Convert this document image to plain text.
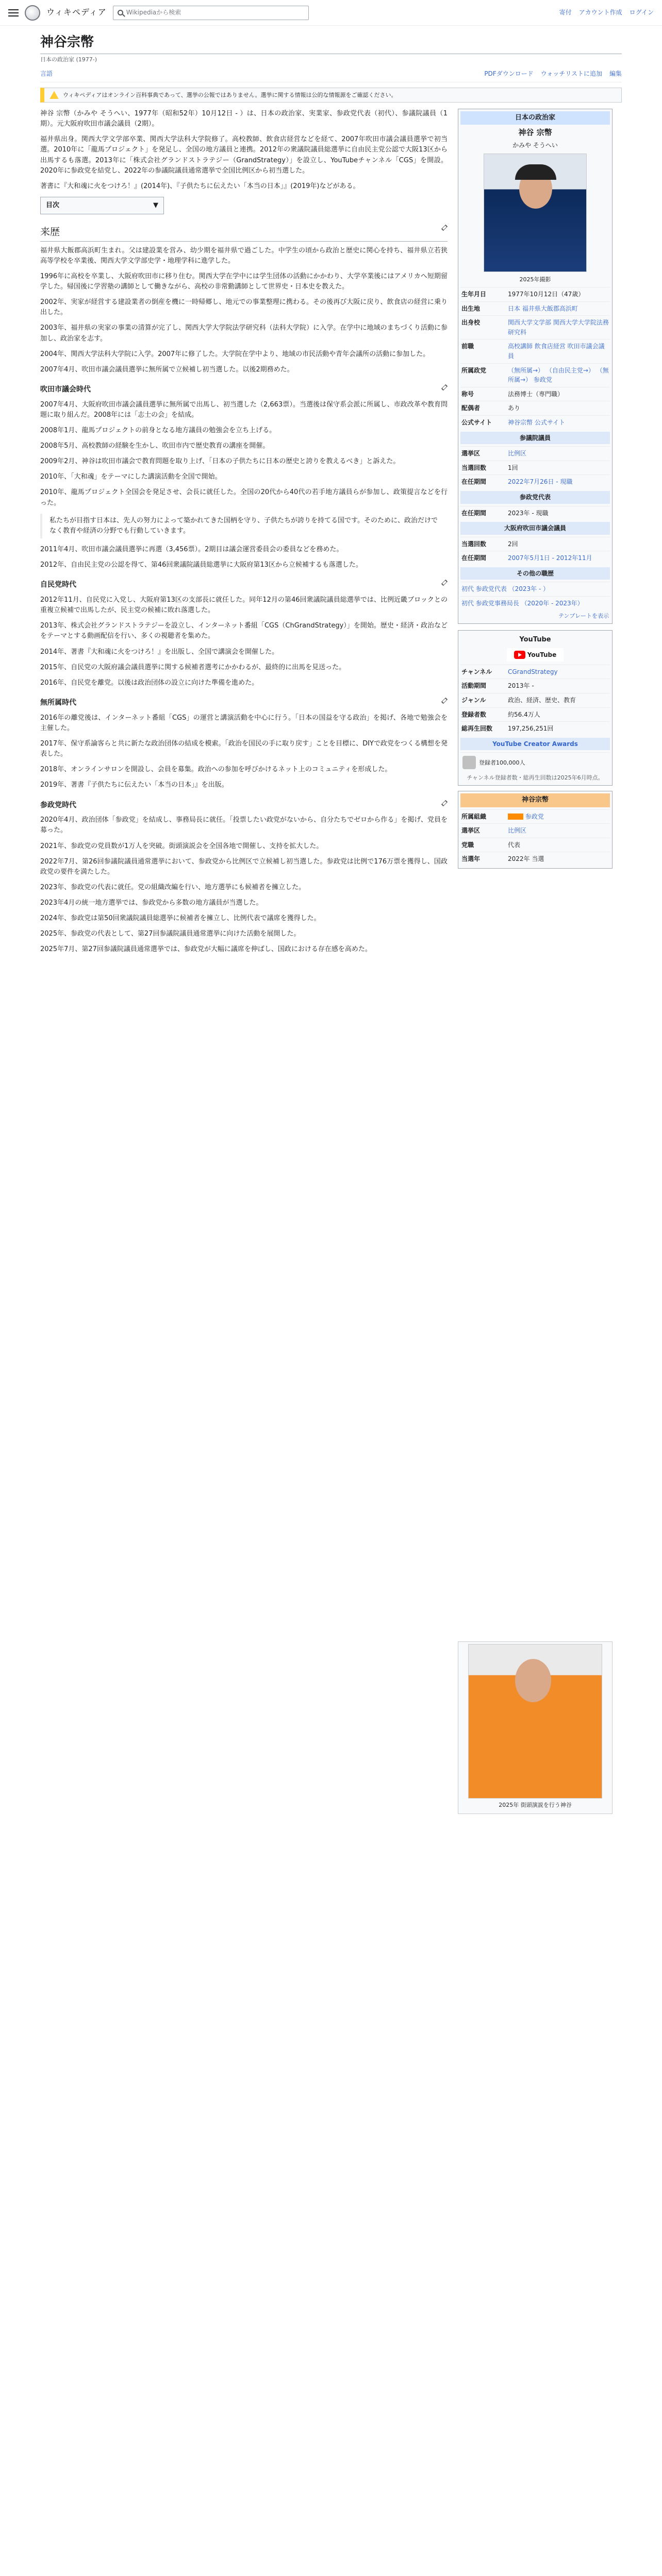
ウィキペディア	Wikipediaから検索	寄付 アカウント作成 ログイン
神谷宗幣
日本の政治家 (1977-)
言語	PDFダウンロード ウォッチリストに追加 編集
ウィキペディアはオンライン百科事典であって、選挙の公報ではありません。選挙に関する情報は公的な情報源をご確認ください。

神谷 宗幣（かみや そうへい、1977年（昭和52年）10月12日 - ）は、日本の政治家、実業家、参政党代表（初代）、参議院議員（1期）。元大阪府吹田市議会議員（2期）。

福井県出身。関西大学文学部卒業、関西大学法科大学院修了。高校教師、飲食店経営などを経て、2007年吹田市議会議員選挙で初当選。2010年に「龍馬プロジェクト」を発足し、全国の地方議員と連携。2012年の衆議院議員総選挙に自由民主党公認で大阪13区から出馬するも落選。2013年に「株式会社グランドストラテジー（GrandStrategy）」を設立し、YouTubeチャンネル「CGS」を開設。2020年に参政党を結党し、2022年の参議院議員通常選挙で全国比例区から初当選した。

著書に『大和魂に火をつけろ！』(2014年)、『子供たちに伝えたい「本当の日本」』(2019年)などがある。

目次	▼
来歴

福井県大飯郡高浜町生まれ。父は建設業を営み、幼少期を福井県で過ごした。中学生の頃から政治と歴史に関心を持ち、福井県立若狭高等学校を卒業後、関西大学文学部史学・地理学科に進学した。

1996年に高校を卒業し、大阪府吹田市に移り住む。関西大学在学中には学生団体の活動にかかわり、大学卒業後にはアメリカへ短期留学した。帰国後に学習塾の講師として働きながら、高校の非常勤講師として世界史・日本史を教えた。

2002年、実家が経営する建設業者の倒産を機に一時帰郷し、地元での事業整理に携わる。その後再び大阪に戻り、飲食店の経営に乗り出した。

2003年、福井県の実家の事業の清算が完了し、関西大学大学院法学研究科（法科大学院）に入学。在学中に地域のまちづくり活動に参加し、政治家を志す。

2004年、関西大学法科大学院に入学。2007年に修了した。大学院在学中より、地域の市民活動や青年会議所の活動に参加した。

2007年4月、吹田市議会議員選挙に無所属で立候補し初当選した。以後2期務めた。

吹田市議会時代

2007年4月、大阪府吹田市議会議員選挙に無所属で出馬し、初当選した（2,663票）。当選後は保守系会派に所属し、市政改革や教育問題に取り組んだ。2008年には「志士の会」を結成。

2008年1月、龍馬プロジェクトの前身となる地方議員の勉強会を立ち上げる。

2008年5月、高校教師の経験を生かし、吹田市内で歴史教育の講座を開催。

2009年2月、神谷は吹田市議会で教育問題を取り上げ、「日本の子供たちに日本の歴史と誇りを教えるべき」と訴えた。

2010年、「大和魂」をテーマにした講演活動を全国で開始。

2010年、龍馬プロジェクト全国会を発足させ、会長に就任した。全国の20代から40代の若手地方議員らが参加し、政策提言などを行った。

私たちが目指す日本は、先人の努力によって築かれてきた国柄を守り、子供たちが誇りを持てる国です。そのために、政治だけでなく教育や経済の分野でも行動していきます。

2011年4月、吹田市議会議員選挙に再選（3,456票）。2期目は議会運営委員会の委員などを務めた。

2012年、自由民主党の公認を得て、第46回衆議院議員総選挙に大阪府第13区から立候補するも落選した。

自民党時代

2012年11月、自民党に入党し、大阪府第13区の支部長に就任した。同年12月の第46回衆議院議員総選挙では、比例近畿ブロックとの重複立候補で出馬したが、民主党の候補に敗れ落選した。

2013年、株式会社グランドストラテジーを設立し、インターネット番組「CGS（ChGrandStrategy）」を開始。歴史・経済・政治などをテーマとする動画配信を行い、多くの視聴者を集めた。

2014年、著書『大和魂に火をつけろ！』を出版し、全国で講演会を開催した。

2015年、自民党の大阪府議会議員選挙に関する候補者選考にかかわるが、最終的に出馬を見送った。

2016年、自民党を離党。以後は政治団体の設立に向けた準備を進めた。

無所属時代

2016年の離党後は、インターネット番組「CGS」の運営と講演活動を中心に行う。「日本の国益を守る政治」を掲げ、各地で勉強会を主催した。

2017年、保守系論客らと共に新たな政治団体の結成を模索。「政治を国民の手に取り戻す」ことを目標に、DIYで政党をつくる構想を発表した。

2018年、オンラインサロンを開設し、会員を募集。政治への参加を呼びかけるネット上のコミュニティを形成した。

2019年、著書『子供たちに伝えたい「本当の日本」』を出版。

参政党時代

2020年4月、政治団体「参政党」を結成し、事務局長に就任。「投票したい政党がないから、自分たちでゼロから作る」を掲げ、党員を募った。

2021年、参政党の党員数が1万人を突破。街頭演説会を全国各地で開催し、支持を拡大した。

2022年7月、第26回参議院議員通常選挙において、参政党から比例区で立候補し初当選した。参政党は比例で176万票を獲得し、国政政党の要件を満たした。

2023年、参政党の代表に就任。党の組織改編を行い、地方選挙にも候補者を擁立した。

2023年4月の統一地方選挙では、参政党から多数の地方議員が当選した。

2024年、参政党は第50回衆議院議員総選挙に候補者を擁立し、比例代表で議席を獲得した。

2025年、参政党の代表として、第27回参議院議員通常選挙に向けた活動を展開した。

2025年7月、第27回参議院議員通常選挙では、参政党が大幅に議席を伸ばし、国政における存在感を高めた。

日本の政治家
神谷 宗幣
かみや そうへい
2025年撮影
生年月日	1977年10月12日（47歳）
出生地	日本 福井県大飯郡高浜町
出身校	関西大学文学部 関西大学大学院法務研究科
前職	高校講師 飲食店経営 吹田市議会議員
所属政党	（無所属→） （自由民主党→） （無所属→） 参政党
称号	法務博士（専門職）
配偶者	あり
公式サイト	神谷宗幣 公式サイト
参議院議員
選挙区	比例区
当選回数	1回
在任期間	2022年7月26日 - 現職
参政党代表
在任期間	2023年 - 現職
大阪府吹田市議会議員
当選回数	2回
在任期間	2007年5月1日 - 2012年11月
その他の職歴
初代 参政党代表 （2023年 - ）
初代 参政党事務局長 （2020年 - 2023年）
テンプレートを表示
YouTube
YouTube
チャンネル	CGrandStrategy
活動期間	2013年 -
ジャンル	政治、経済、歴史、教育
登録者数	約56.4万人
総再生回数	197,256,251回
YouTube Creator Awards
登録者100,000人
チャンネル登録者数・総再生回数は2025年6月時点。
神谷宗幣
所属組織	参政党
選挙区	比例区
党職	代表
当選年	2022年 当選
2025年 街頭演説を行う神谷
